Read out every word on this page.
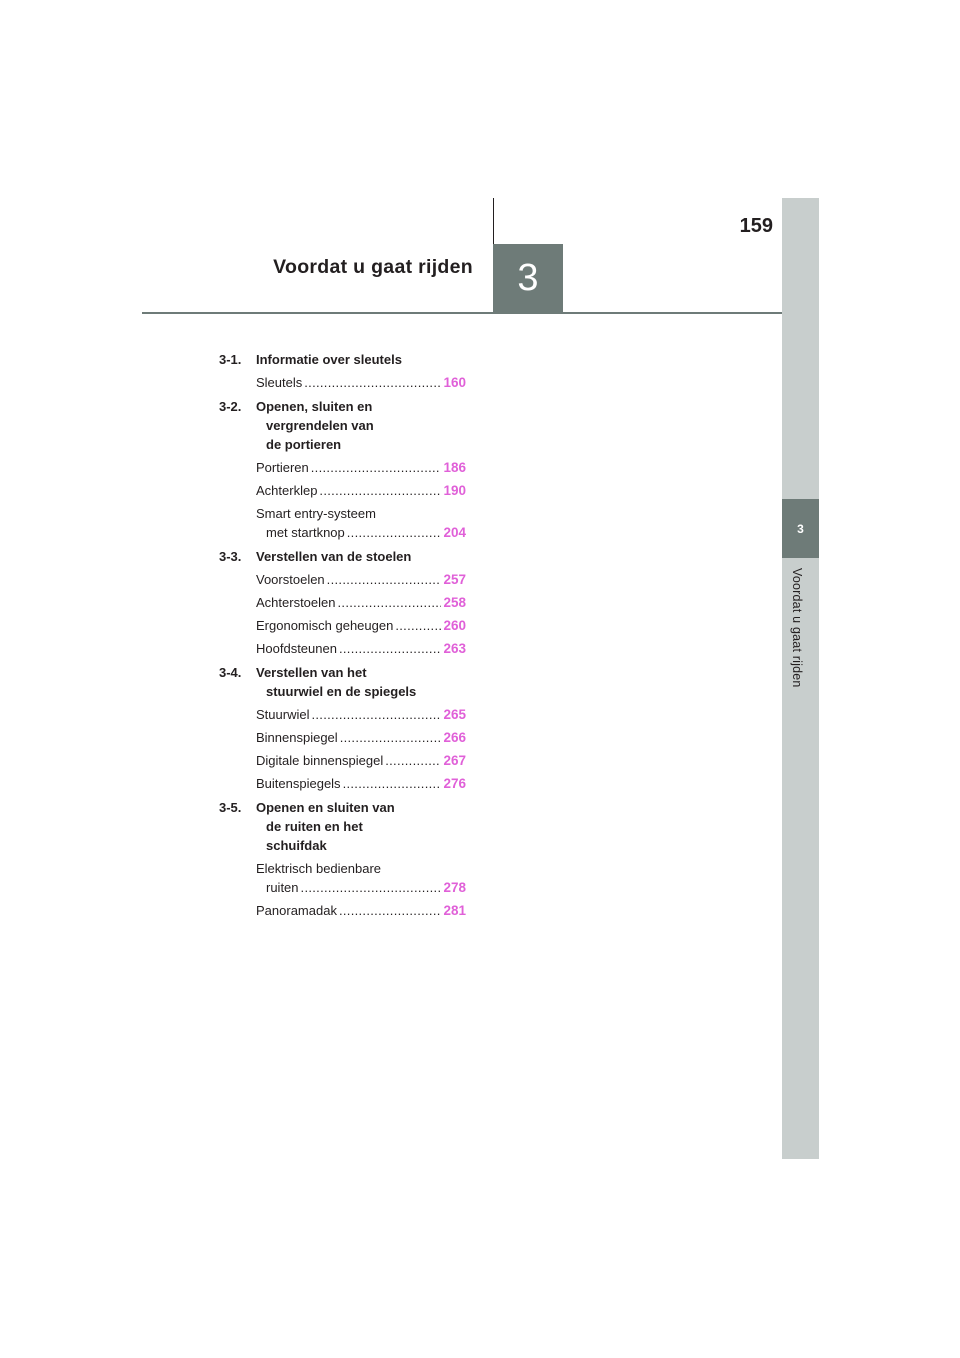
3
Voordat u gaat rijden
3
Voordat u gaat rijden
159
3-1. Informatie over sleutels
Sleutels .....	160
3-2. Openen, sluiten en
vergrendelen van
de portieren
Portieren .....	186
Achterklep .....	190
Smart entry-systeem
met startknop .....	204
3-3. Verstellen van de stoelen
Voorstoelen .....	257
Achterstoelen .....	258
Ergonomisch geheugen .....	260
Hoofdsteunen .....	263
3-4. Verstellen van het
stuurwiel en de spiegels
Stuurwiel .....	265
Binnenspiegel .....	266
Digitale binnenspiegel .....	267
Buitenspiegels .....	276
3-5. Openen en sluiten van
de ruiten en het
schuifdak
Elektrisch bedienbare
ruiten .....	278
Panoramadak .....	281
